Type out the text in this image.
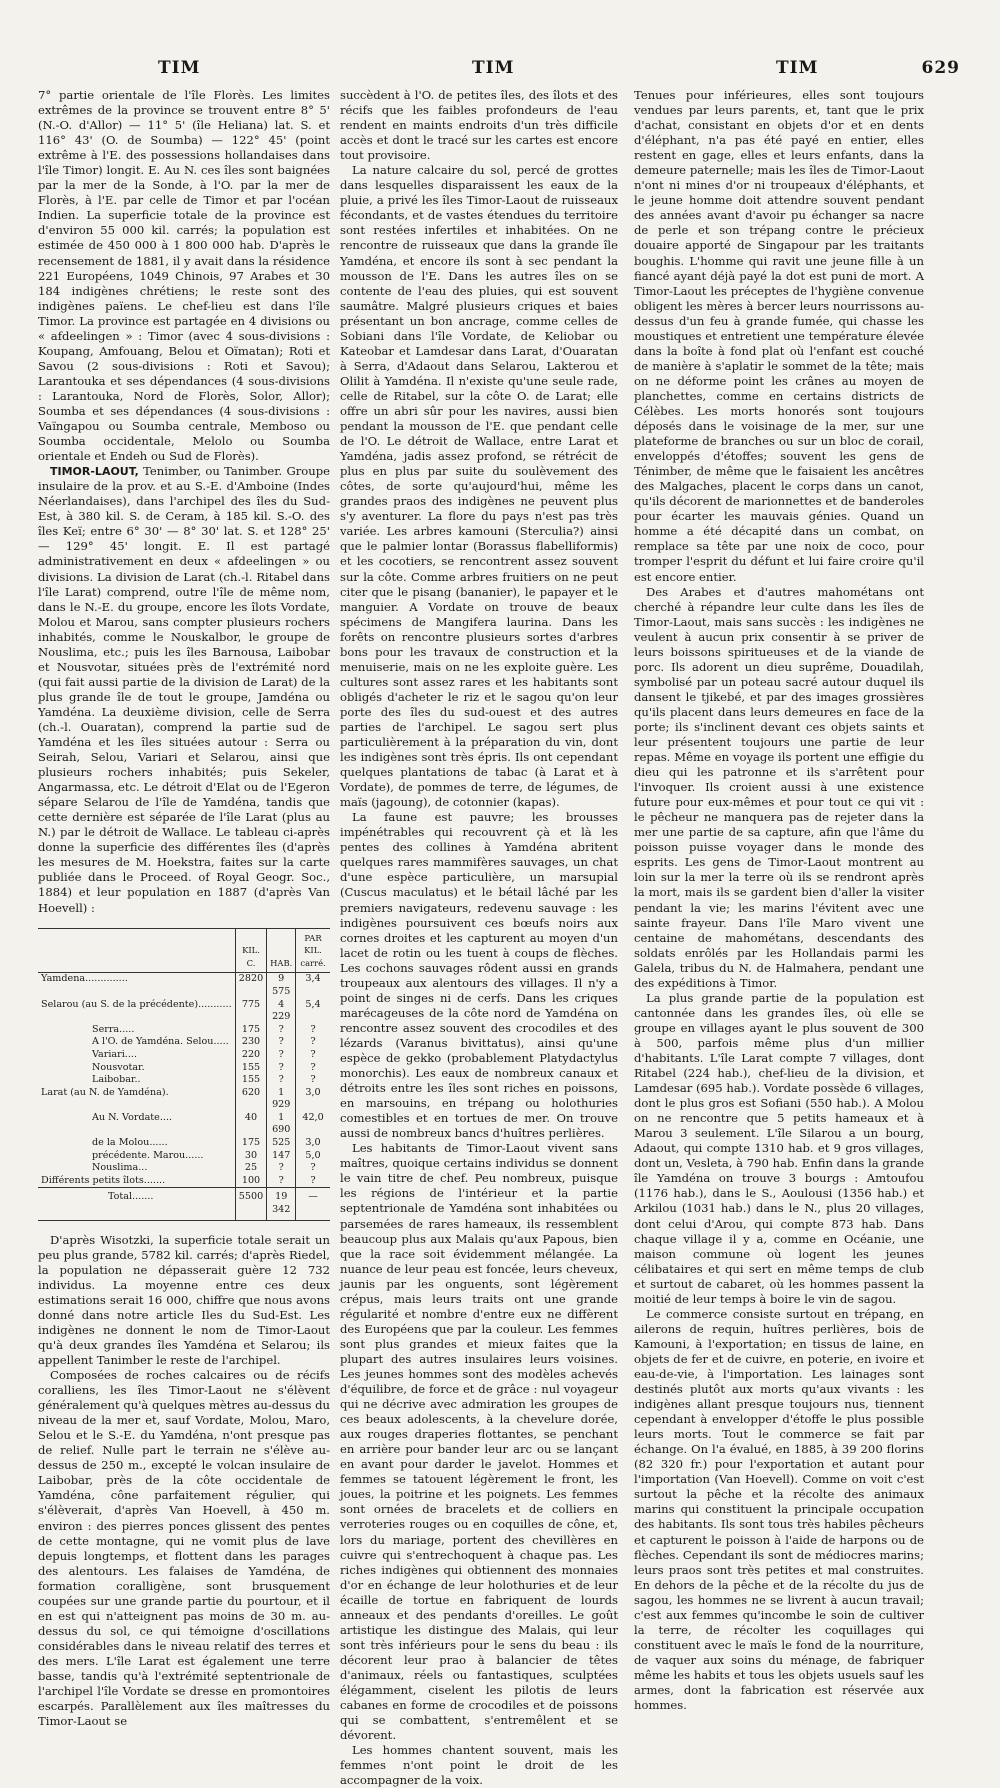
TIM	TIM	TIM	629

7° partie orientale de l'île Florès. Les limites extrêmes de la province se trouvent entre 8° 5' (N.-O. d'Allor) — 11° 5' (île Heliana) lat. S. et 116° 43' (O. de Soumba) — 122° 45' (point extrême à l'E. des possessions hollandaises dans l'île Timor) longit. E. Au N. ces îles sont baignées par la mer de la Sonde, à l'O. par la mer de Florès, à l'E. par celle de Timor et par l'océan Indien. La superficie totale de la province est d'environ 55 000 kil. carrés; la population est estimée de 450 000 à 1 800 000 hab. D'après le recensement de 1881, il y avait dans la résidence 221 Européens, 1049 Chinois, 97 Arabes et 30 184 indigènes chrétiens; le reste sont des indigènes païens. Le chef-lieu est dans l'île Timor. La province est partagée en 4 divisions ou « afdeelingen » : Timor (avec 4 sous-divisions : Koupang, Amfouang, Belou et Oïmatan); Roti et Savou (2 sous-divisions : Roti et Savou); Larantouka et ses dépendances (4 sous-divisions : Larantouka, Nord de Florès, Solor, Allor); Soumba et ses dépendances (4 sous-divisions : Vaïngapou ou Soumba centrale, Memboso ou Soumba occidentale, Melolo ou Soumba orientale et Endeh ou Sud de Florès).

TIMOR-LAOUT, Tenimber, ou Tanimber. Groupe insulaire de la prov. et au S.-E. d'Amboine (Indes Néerlandaises), dans l'archipel des îles du Sud-Est, à 380 kil. S. de Ceram, à 185 kil. S.-O. des îles Keï; entre 6° 30' — 8° 30' lat. S. et 128° 25' — 129° 45' longit. E. Il est partagé administrativement en deux « afdeelingen » ou divisions. La division de Larat (ch.-l. Ritabel dans l'île Larat) comprend, outre l'île de même nom, dans le N.-E. du groupe, encore les îlots Vordate, Molou et Marou, sans compter plusieurs rochers inhabités, comme le Nouskalbor, le groupe de Nouslima, etc.; puis les îles Barnousa, Laibobar et Nousvotar, situées près de l'extrémité nord (qui fait aussi partie de la division de Larat) de la plus grande île de tout le groupe, Jamdéna ou Yamdéna. La deuxième division, celle de Serra (ch.-l. Ouaratan), comprend la partie sud de Yamdéna et les îles situées autour : Serra ou Seirah, Selou, Variari et Selarou, ainsi que plusieurs rochers inhabités; puis Sekeler, Angarmassa, etc. Le détroit d'Elat ou de l'Egeron sépare Selarou de l'île de Yamdéna, tandis que cette dernière est séparée de l'île Larat (plus au N.) par le détroit de Wallace. Le tableau ci-après donne la superficie des différentes îles (d'après les mesures de M. Hoekstra, faites sur la carte publiée dans le Proceed. of Royal Geogr. Soc., 1884) et leur population en 1887 (d'après Van Hoevell) :

	KIL. C.	HAB.	PAR KIL. carré.
Yamdena..............	2820	9 575	3,4
Selarou (au S. de la précédente)...........	775	4 229	5,4
Serra.....	175	?	?
A l'O. de Yamdéna. Selou.....	230	?	?
Variari....	220	?	?
Nousvotar.	155	?	?
Laibobar..	155	?	?
Larat (au N. de Yamdéna).	620	1 929	3,0
Au N. Vordate....	40	1 690	42,0
de la Molou......	175	525	3,0
précédente. Marou......	30	147	5,0
Nouslima...	25	?	?
Différents petits îlots.......	100	?	?
Total.......	5500	19 342	—

D'après Wisotzki, la superficie totale serait un peu plus grande, 5782 kil. carrés; d'après Riedel, la population ne dépasserait guère 12 732 individus. La moyenne entre ces deux estimations serait 16 000, chiffre que nous avons donné dans notre article Iles du Sud-Est. Les indigènes ne donnent le nom de Timor-Laout qu'à deux grandes îles Yamdéna et Selarou; ils appellent Tanimber le reste de l'archipel.

Composées de roches calcaires ou de récifs coralliens, les îles Timor-Laout ne s'élèvent généralement qu'à quelques mètres au-dessus du niveau de la mer et, sauf Vordate, Molou, Maro, Selou et le S.-E. du Yamdéna, n'ont presque pas de relief. Nulle part le terrain ne s'élève au-dessus de 250 m., excepté le volcan insulaire de Laibobar, près de la côte occidentale de Yamdéna, cône parfaitement régulier, qui s'élèverait, d'après Van Hoevell, à 450 m. environ : des pierres ponces glissent des pentes de cette montagne, qui ne vomit plus de lave depuis longtemps, et flottent dans les parages des alentours. Les falaises de Yamdéna, de formation coralligène, sont brusquement coupées sur une grande partie du pourtour, et il en est qui n'atteignent pas moins de 30 m. au-dessus du sol, ce qui témoigne d'oscillations considérables dans le niveau relatif des terres et des mers. L'île Larat est également une terre basse, tandis qu'à l'extrémité septentrionale de l'archipel l'île Vordate se dresse en promontoires escarpés. Parallèlement aux îles maîtresses du Timor-Laout se

succèdent à l'O. de petites îles, des îlots et des récifs que les faibles profondeurs de l'eau rendent en maints endroits d'un très difficile accès et dont le tracé sur les cartes est encore tout provisoire.

La nature calcaire du sol, percé de grottes dans lesquelles disparaissent les eaux de la pluie, a privé les îles Timor-Laout de ruisseaux fécondants, et de vastes étendues du territoire sont restées infertiles et inhabitées. On ne rencontre de ruisseaux que dans la grande île Yamdéna, et encore ils sont à sec pendant la mousson de l'E. Dans les autres îles on se contente de l'eau des pluies, qui est souvent saumâtre. Malgré plusieurs criques et baies présentant un bon ancrage, comme celles de Sobiani dans l'île Vordate, de Keliobar ou Kateobar et Lamdesar dans Larat, d'Ouaratan à Serra, d'Adaout dans Selarou, Lakterou et Olilit à Yamdéna. Il n'existe qu'une seule rade, celle de Ritabel, sur la côte O. de Larat; elle offre un abri sûr pour les navires, aussi bien pendant la mousson de l'E. que pendant celle de l'O. Le détroit de Wallace, entre Larat et Yamdéna, jadis assez profond, se rétrécit de plus en plus par suite du soulèvement des côtes, de sorte qu'aujourd'hui, même les grandes praos des indigènes ne peuvent plus s'y aventurer. La flore du pays n'est pas très variée. Les arbres kamouni (Sterculia?) ainsi que le palmier lontar (Borassus flabelliformis) et les cocotiers, se rencontrent assez souvent sur la côte. Comme arbres fruitiers on ne peut citer que le pisang (bananier), le papayer et le manguier. A Vordate on trouve de beaux spécimens de Mangifera laurina. Dans les forêts on rencontre plusieurs sortes d'arbres bons pour les travaux de construction et la menuiserie, mais on ne les exploite guère. Les cultures sont assez rares et les habitants sont obligés d'acheter le riz et le sagou qu'on leur porte des îles du sud-ouest et des autres parties de l'archipel. Le sagou sert plus particulièrement à la préparation du vin, dont les indigènes sont très épris. Ils ont cependant quelques plantations de tabac (à Larat et à Vordate), de pommes de terre, de légumes, de maïs (jagoung), de cotonnier (kapas).

La faune est pauvre; les brousses impénétrables qui recouvrent çà et là les pentes des collines à Yamdéna abritent quelques rares mammifères sauvages, un chat d'une espèce particulière, un marsupial (Cuscus maculatus) et le bétail lâché par les premiers navigateurs, redevenu sauvage : les indigènes poursuivent ces bœufs noirs aux cornes droites et les capturent au moyen d'un lacet de rotin ou les tuent à coups de flèches. Les cochons sauvages rôdent aussi en grands troupeaux aux alentours des villages. Il n'y a point de singes ni de cerfs. Dans les criques marécageuses de la côte nord de Yamdéna on rencontre assez souvent des crocodiles et des lézards (Varanus bivittatus), ainsi qu'une espèce de gekko (probablement Platydactylus monorchis). Les eaux de nombreux canaux et détroits entre les îles sont riches en poissons, en marsouins, en trépang ou holothuries comestibles et en tortues de mer. On trouve aussi de nombreux bancs d'huîtres perlières.

Les habitants de Timor-Laout vivent sans maîtres, quoique certains individus se donnent le vain titre de chef. Peu nombreux, puisque les régions de l'intérieur et la partie septentrionale de Yamdéna sont inhabitées ou parsemées de rares hameaux, ils ressemblent beaucoup plus aux Malais qu'aux Papous, bien que la race soit évidemment mélangée. La nuance de leur peau est foncée, leurs cheveux, jaunis par les onguents, sont légèrement crépus, mais leurs traits ont une grande régularité et nombre d'entre eux ne diffèrent des Européens que par la couleur. Les femmes sont plus grandes et mieux faites que la plupart des autres insulaires leurs voisines. Les jeunes hommes sont des modèles achevés d'équilibre, de force et de grâce : nul voyageur qui ne décrive avec admiration les groupes de ces beaux adolescents, à la chevelure dorée, aux rouges draperies flottantes, se penchant en arrière pour bander leur arc ou se lançant en avant pour darder le javelot. Hommes et femmes se tatouent légèrement le front, les joues, la poitrine et les poignets. Les femmes sont ornées de bracelets et de colliers en verroteries rouges ou en coquilles de cône, et, lors du mariage, portent des chevillères en cuivre qui s'entrechoquent à chaque pas. Les riches indigènes qui obtiennent des monnaies d'or en échange de leur holothuries et de leur écaille de tortue en fabriquent de lourds anneaux et des pendants d'oreilles. Le goût artistique les distingue des Malais, qui leur sont très inférieurs pour le sens du beau : ils décorent leur prao à balancier de têtes d'animaux, réels ou fantastiques, sculptées élégamment, ciselent les pilotis de leurs cabanes en forme de crocodiles et de poissons qui se combattent, s'entremêlent et se dévorent.

Les hommes chantent souvent, mais les femmes n'ont point le droit de les accompagner de la voix.

Tenues pour inférieures, elles sont toujours vendues par leurs parents, et, tant que le prix d'achat, consistant en objets d'or et en dents d'éléphant, n'a pas été payé en entier, elles restent en gage, elles et leurs enfants, dans la demeure paternelle; mais les îles de Timor-Laout n'ont ni mines d'or ni troupeaux d'éléphants, et le jeune homme doit attendre souvent pendant des années avant d'avoir pu échanger sa nacre de perle et son trépang contre le précieux douaire apporté de Singapour par les traitants boughis. L'homme qui ravit une jeune fille à un fiancé ayant déjà payé la dot est puni de mort. A Timor-Laout les préceptes de l'hygiène convenue obligent les mères à bercer leurs nourrissons au-dessus d'un feu à grande fumée, qui chasse les moustiques et entretient une température élevée dans la boîte à fond plat où l'enfant est couché de manière à s'aplatir le sommet de la tête; mais on ne déforme point les crânes au moyen de planchettes, comme en certains districts de Célèbes. Les morts honorés sont toujours déposés dans le voisinage de la mer, sur une plateforme de branches ou sur un bloc de corail, enveloppés d'étoffes; souvent les gens de Ténimber, de même que le faisaient les ancêtres des Malgaches, placent le corps dans un canot, qu'ils décorent de marionnettes et de banderoles pour écarter les mauvais génies. Quand un homme a été décapité dans un combat, on remplace sa tête par une noix de coco, pour tromper l'esprit du défunt et lui faire croire qu'il est encore entier.

Des Arabes et d'autres mahométans ont cherché à répandre leur culte dans les îles de Timor-Laout, mais sans succès : les indigènes ne veulent à aucun prix consentir à se priver de leurs boissons spiritueuses et de la viande de porc. Ils adorent un dieu suprême, Douadilah, symbolisé par un poteau sacré autour duquel ils dansent le tjikebé, et par des images grossières qu'ils placent dans leurs demeures en face de la porte; ils s'inclinent devant ces objets saints et leur présentent toujours une partie de leur repas. Même en voyage ils portent une effigie du dieu qui les patronne et ils s'arrêtent pour l'invoquer. Ils croient aussi à une existence future pour eux-mêmes et pour tout ce qui vit : le pêcheur ne manquera pas de rejeter dans la mer une partie de sa capture, afin que l'âme du poisson puisse voyager dans le monde des esprits. Les gens de Timor-Laout montrent au loin sur la mer la terre où ils se rendront après la mort, mais ils se gardent bien d'aller la visiter pendant la vie; les marins l'évitent avec une sainte frayeur. Dans l'île Maro vivent une centaine de mahométans, descendants des soldats enrôlés par les Hollandais parmi les Galela, tribus du N. de Halmahera, pendant une des expéditions à Timor.

La plus grande partie de la population est cantonnée dans les grandes îles, où elle se groupe en villages ayant le plus souvent de 300 à 500, parfois même plus d'un millier d'habitants. L'île Larat compte 7 villages, dont Ritabel (224 hab.), chef-lieu de la division, et Lamdesar (695 hab.). Vordate possède 6 villages, dont le plus gros est Sofiani (550 hab.). A Molou on ne rencontre que 5 petits hameaux et à Marou 3 seulement. L'île Silarou a un bourg, Adaout, qui compte 1310 hab. et 9 gros villages, dont un, Vesleta, à 790 hab. Enfin dans la grande île Yamdéna on trouve 3 bourgs : Amtoufou (1176 hab.), dans le S., Aoulousi (1356 hab.) et Arkilou (1031 hab.) dans le N., plus 20 villages, dont celui d'Arou, qui compte 873 hab. Dans chaque village il y a, comme en Océanie, une maison commune où logent les jeunes célibataires et qui sert en même temps de club et surtout de cabaret, où les hommes passent la moitié de leur temps à boire le vin de sagou.

Le commerce consiste surtout en trépang, en ailerons de requin, huîtres perlières, bois de Kamouni, à l'exportation; en tissus de laine, en objets de fer et de cuivre, en poterie, en ivoire et eau-de-vie, à l'importation. Les lainages sont destinés plutôt aux morts qu'aux vivants : les indigènes allant presque toujours nus, tiennent cependant à envelopper d'étoffe le plus possible leurs morts. Tout le commerce se fait par échange. On l'a évalué, en 1885, à 39 200 florins (82 320 fr.) pour l'exportation et autant pour l'importation (Van Hoevell). Comme on voit c'est surtout la pêche et la récolte des animaux marins qui constituent la principale occupation des habitants. Ils sont tous très habiles pêcheurs et capturent le poisson à l'aide de harpons ou de flèches. Cependant ils sont de médiocres marins; leurs praos sont très petites et mal construites. En dehors de la pêche et de la récolte du jus de sagou, les hommes ne se livrent à aucun travail; c'est aux femmes qu'incombe le soin de cultiver la terre, de récolter les coquillages qui constituent avec le maïs le fond de la nourriture, de vaquer aux soins du ménage, de fabriquer même les habits et tous les objets usuels sauf les armes, dont la fabrication est réservée aux hommes.
